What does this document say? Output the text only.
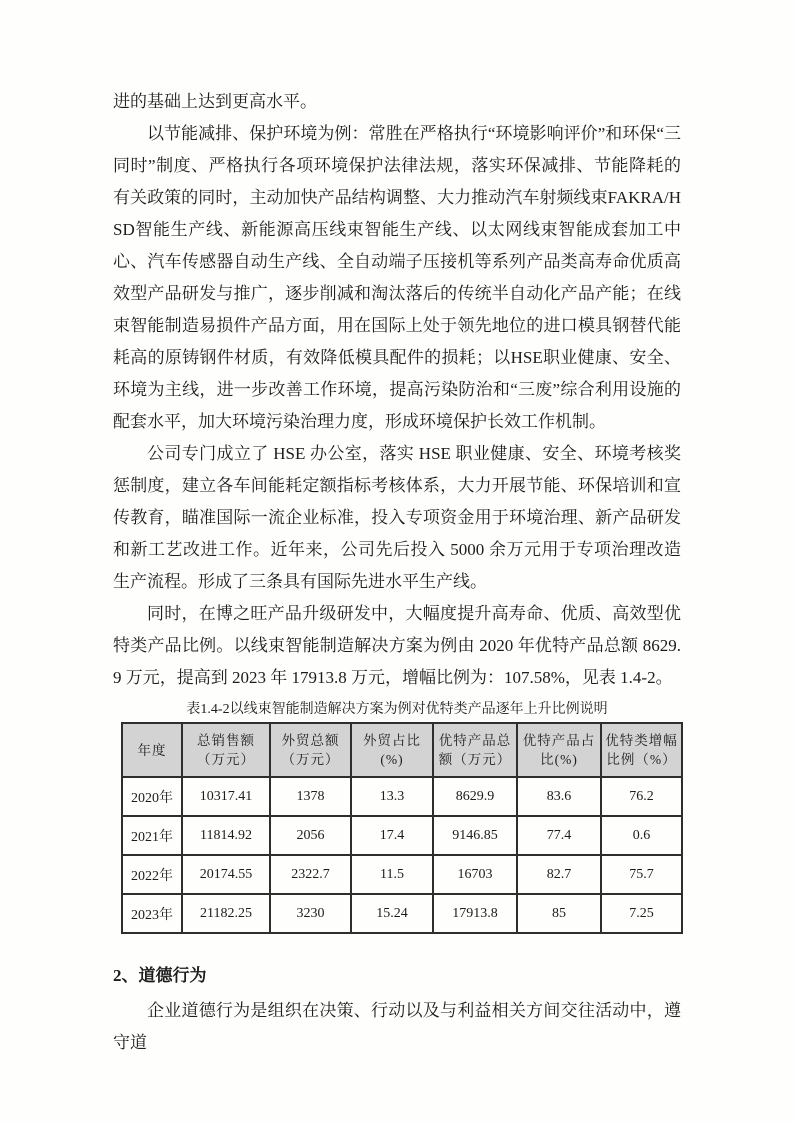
进的基础上达到更高水平。

以节能减排、保护环境为例：常胜在严格执行“环境影响评价”和环保“三同时”制度、严格执行各项环境保护法律法规，落实环保减排、节能降耗的有关政策的同时，主动加快产品结构调整、大力推动汽车射频线束FAKRA/HSD智能生产线、新能源高压线束智能生产线、以太网线束智能成套加工中心、汽车传感器自动生产线、全自动端子压接机等系列产品类高寿命优质高效型产品研发与推广，逐步削减和淘汰落后的传统半自动化产品产能；在线束智能制造易损件产品方面，用在国际上处于领先地位的进口模具钢替代能耗高的原铸钢件材质，有效降低模具配件的损耗；以HSE职业健康、安全、环境为主线，进一步改善工作环境，提高污染防治和“三废”综合利用设施的配套水平，加大环境污染治理力度，形成环境保护长效工作机制。

公司专门成立了 HSE 办公室，落实 HSE 职业健康、安全、环境考核奖惩制度，建立各车间能耗定额指标考核体系，大力开展节能、环保培训和宣传教育，瞄准国际一流企业标准，投入专项资金用于环境治理、新产品研发和新工艺改进工作。近年来，公司先后投入 5000 余万元用于专项治理改造生产流程。形成了三条具有国际先进水平生产线。

同时，在博之旺产品升级研发中，大幅度提升高寿命、优质、高效型优特类产品比例。以线束智能制造解决方案为例由 2020 年优特产品总额 8629.9 万元，提高到 2023 年 17913.8 万元，增幅比例为：107.58%，见表 1.4-2。

表1.4-2以线束智能制造解决方案为例对优特类产品逐年上升比例说明
年度	总销售额（万元）	外贸总额（万元）	外贸占比(%)	优特产品总额（万元）	优特产品占比(%)	优特类增幅比例（%）
2020年	10317.41	1378	13.3	8629.9	83.6	76.2
2021年	11814.92	2056	17.4	9146.85	77.4	0.6
2022年	20174.55	2322.7	11.5	16703	82.7	75.7
2023年	21182.25	3230	15.24	17913.8	85	7.25
2、道德行为

企业道德行为是组织在决策、行动以及与利益相关方间交往活动中，遵守道
